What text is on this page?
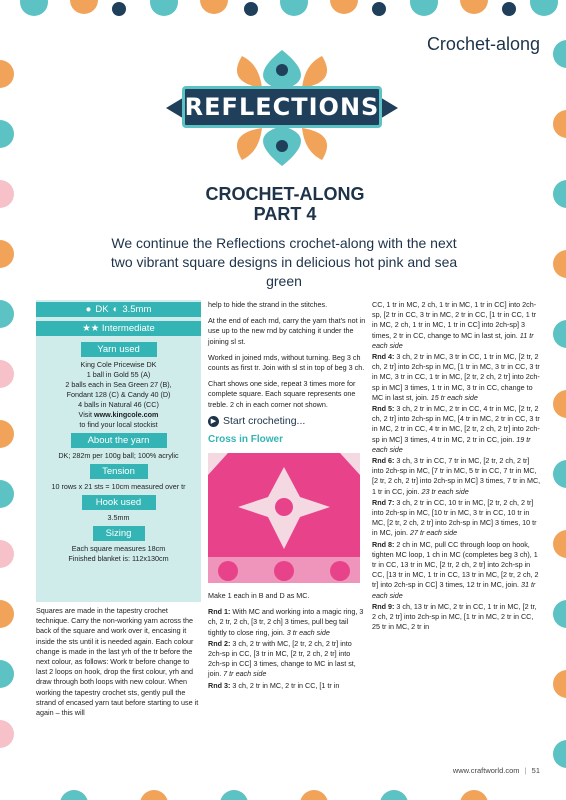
Crochet-along
REFLECTIONS
CROCHET-ALONG
PART 4
We continue the Reflections crochet-along with the next two vibrant square designs in delicious hot pink and sea green
● DK ◐ 3.5mm
★★ Intermediate
Yarn used
King Cole Pricewise DK
1 ball in Gold 55 (A)
2 balls each in Sea Green 27 (B),
Fondant 128 (C) & Candy 40 (D)
4 balls in Natural 46 (CC)
Visit www.kingcole.com
to find your local stockist
About the yarn
DK; 282m per 100g ball; 100% acrylic
Tension
10 rows x 21 sts = 10cm measured over tr
Hook used
3.5mm
Sizing
Each square measures 18cm
Finished blanket is: 112x130cm
Squares are made in the tapestry crochet technique. Carry the non-working yarn across the back of the square and work over it, encasing it inside the sts until it is needed again. Each colour change is made in the last yrh of the tr before the next colour, as follows: Work tr before change to last 2 loops on hook, drop the first colour, yrh and draw through both loops with new colour. When working the tapestry crochet sts, gently pull the strand of encased yarn taut before starting to use it again – this will

help to hide the strand in the stitches.

At the end of each rnd, carry the yarn that's not in use up to the new rnd by catching it under the joining sl st.

Worked in joined rnds, without turning. Beg 3 ch counts as first tr. Join with sl st in top of beg 3 ch.

Chart shows one side, repeat 3 times more for complete square. Each square represents one treble. 2 ch in each corner not shown.

▶ Start crocheting...
Cross in Flower

Make 1 each in B and D as MC.

Rnd 1: With MC and working into a magic ring, 3 ch, 2 tr, 2 ch, [3 tr, 2 ch] 3 times, pull beg tail tightly to close ring, join. 3 tr each side

Rnd 2: 3 ch, 2 tr with MC, [2 tr, 2 ch, 2 tr] into 2ch-sp in CC, [3 tr in MC, [2 tr, 2 ch, 2 tr] into 2ch-sp in CC] 3 times, change to MC in last st, join. 7 tr each side

Rnd 3: 3 ch, 2 tr in MC, 2 tr in CC, [1 tr in

CC, 1 tr in MC, 2 ch, 1 tr in MC, 1 tr in CC] into 2ch-sp, [2 tr in CC, 3 tr in MC, 2 tr in CC, [1 tr in CC, 1 tr in MC, 2 ch, 1 tr in MC, 1 tr in CC] into 2ch-sp] 3 times, 2 tr in CC, change to MC in last st, join. 11 tr each side

Rnd 4: 3 ch, 2 tr in MC, 3 tr in CC, 1 tr in MC, [2 tr, 2 ch, 2 tr] into 2ch-sp in MC, [1 tr in MC, 3 tr in CC, 3 tr in MC, 3 tr in CC, 1 tr in MC, [2 tr, 2 ch, 2 tr] into 2ch-sp in MC] 3 times, 1 tr in MC, 3 tr in CC, change to MC in last st, join. 15 tr each side

Rnd 5: 3 ch, 2 tr in MC, 2 tr in CC, 4 tr in MC, [2 tr, 2 ch, 2 tr] into 2ch-sp in MC, [4 tr in MC, 2 tr in CC, 3 tr in MC, 2 tr in CC, 4 tr in MC, [2 tr, 2 ch, 2 tr] into 2ch-sp in MC] 3 times, 4 tr in MC, 2 tr in CC, join. 19 tr each side

Rnd 6: 3 ch, 3 tr in CC, 7 tr in MC, [2 tr, 2 ch, 2 tr] into 2ch-sp in MC, [7 tr in MC, 5 tr in CC, 7 tr in MC, [2 tr, 2 ch, 2 tr] into 2ch-sp in MC] 3 times, 7 tr in MC, 1 tr in CC, join. 23 tr each side

Rnd 7: 3 ch, 2 tr in CC, 10 tr in MC, [2 tr, 2 ch, 2 tr] into 2ch-sp in MC, [10 tr in MC, 3 tr in CC, 10 tr in MC, [2 tr, 2 ch, 2 tr] into 2ch-sp in MC] 3 times, 10 tr in MC, join. 27 tr each side

Rnd 8: 2 ch in MC, pull CC through loop on hook, tighten MC loop, 1 ch in MC (completes beg 3 ch), 1 tr in CC, 13 tr in MC, [2 tr, 2 ch, 2 tr] into 2ch-sp in CC, [13 tr in MC, 1 tr in CC, 13 tr in MC, [2 tr, 2 ch, 2 tr] into 2ch-sp in CC] 3 times, 12 tr in MC, join. 31 tr each side

Rnd 9: 3 ch, 13 tr in MC, 2 tr in CC, 1 tr in MC, [2 tr, 2 ch, 2 tr] into 2ch-sp in MC, [1 tr in MC, 2 tr in CC, 25 tr in MC, 2 tr in

www.craftworld.com | 51
